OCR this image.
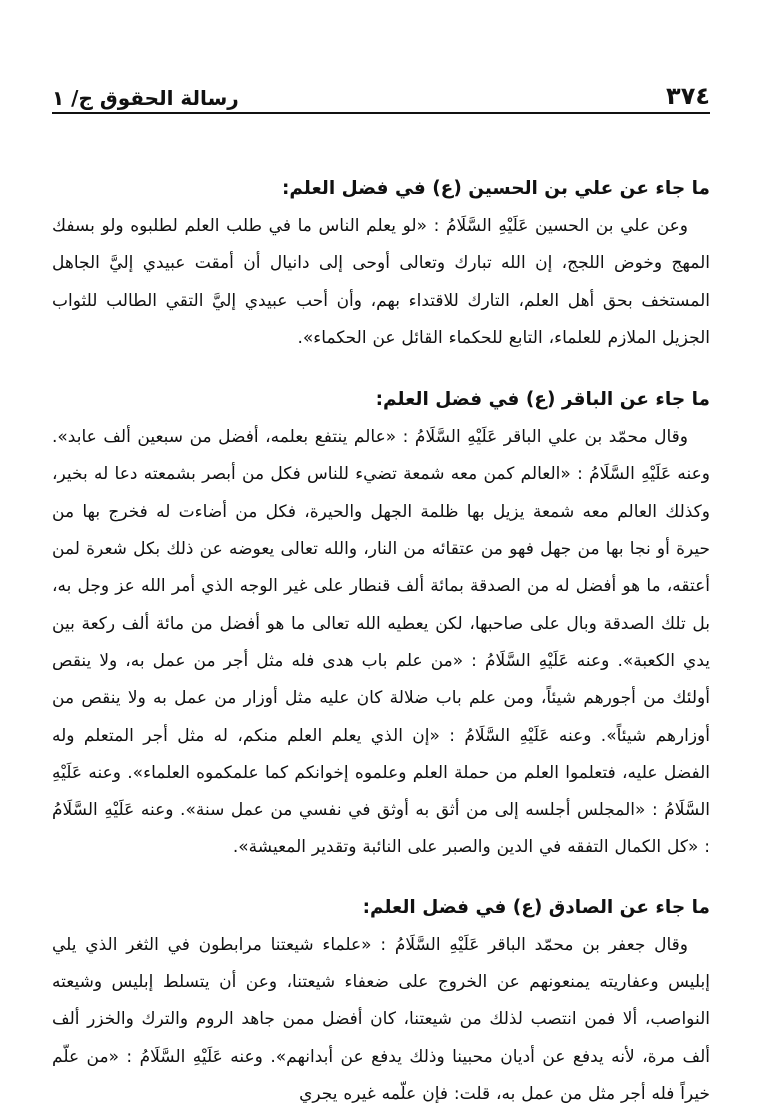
٣٧٤
رسالة الحقوق ج/ ١
ما جاء عن علي بن الحسين (ع) في فضل العلم:

وعن علي بن الحسين عَلَيْهِ السَّلَامُ : «لو يعلم الناس ما في طلب العلم لطلبوه ولو بسفك المهج وخوض اللجج، إن الله تبارك وتعالى أوحى إلى دانيال أن أمقت عبيدي إليَّ الجاهل المستخف بحق أهل العلم، التارك للاقتداء بهم، وأن أحب عبيدي إليَّ التقي الطالب للثواب الجزيل الملازم للعلماء، التابع للحكماء القائل عن الحكماء».

ما جاء عن الباقر (ع) في فضل العلم:

وقال محمّد بن علي الباقر عَلَيْهِ السَّلَامُ : «عالم ينتفع بعلمه، أفضل من سبعين ألف عابد». وعنه عَلَيْهِ السَّلَامُ : «العالم كمن معه شمعة تضيء للناس فكل من أبصر بشمعته دعا له بخير، وكذلك العالم معه شمعة يزيل بها ظلمة الجهل والحيرة، فكل من أضاءت له فخرج بها من حيرة أو نجا بها من جهل فهو من عتقائه من النار، والله تعالى يعوضه عن ذلك بكل شعرة لمن أعتقه، ما هو أفضل له من الصدقة بمائة ألف قنطار على غير الوجه الذي أمر الله عز وجل به، بل تلك الصدقة وبال على صاحبها، لكن يعطيه الله تعالى ما هو أفضل من مائة ألف ركعة بين يدي الكعبة». وعنه عَلَيْهِ السَّلَامُ : «من علم باب هدى فله مثل أجر من عمل به، ولا ينقص أولئك من أجورهم شيئاً، ومن علم باب ضلالة كان عليه مثل أوزار من عمل به ولا ينقص من أوزارهم شيئاً». وعنه عَلَيْهِ السَّلَامُ : «إن الذي يعلم العلم منكم، له مثل أجر المتعلم وله الفضل عليه، فتعلموا العلم من حملة العلم وعلموه إخوانكم كما علمكموه العلماء». وعنه عَلَيْهِ السَّلَامُ : «المجلس أجلسه إلى من أثق به أوثق في نفسي من عمل سنة». وعنه عَلَيْهِ السَّلَامُ : «كل الكمال التفقه في الدين والصبر على النائبة وتقدير المعيشة».

ما جاء عن الصادق (ع) في فضل العلم:

وقال جعفر بن محمّد الباقر عَلَيْهِ السَّلَامُ : «علماء شيعتنا مرابطون في الثغر الذي يلي إبليس وعفاريته يمنعونهم عن الخروج على ضعفاء شيعتنا، وعن أن يتسلط إبليس وشيعته النواصب، ألا فمن انتصب لذلك من شيعتنا، كان أفضل ممن جاهد الروم والترك والخزر ألف ألف مرة، لأنه يدفع عن أديان محبينا وذلك يدفع عن أبدانهم». وعنه عَلَيْهِ السَّلَامُ : «من علّم خيراً فله أجر مثل من عمل به، قلت: فإن علّمه غيره يجري
